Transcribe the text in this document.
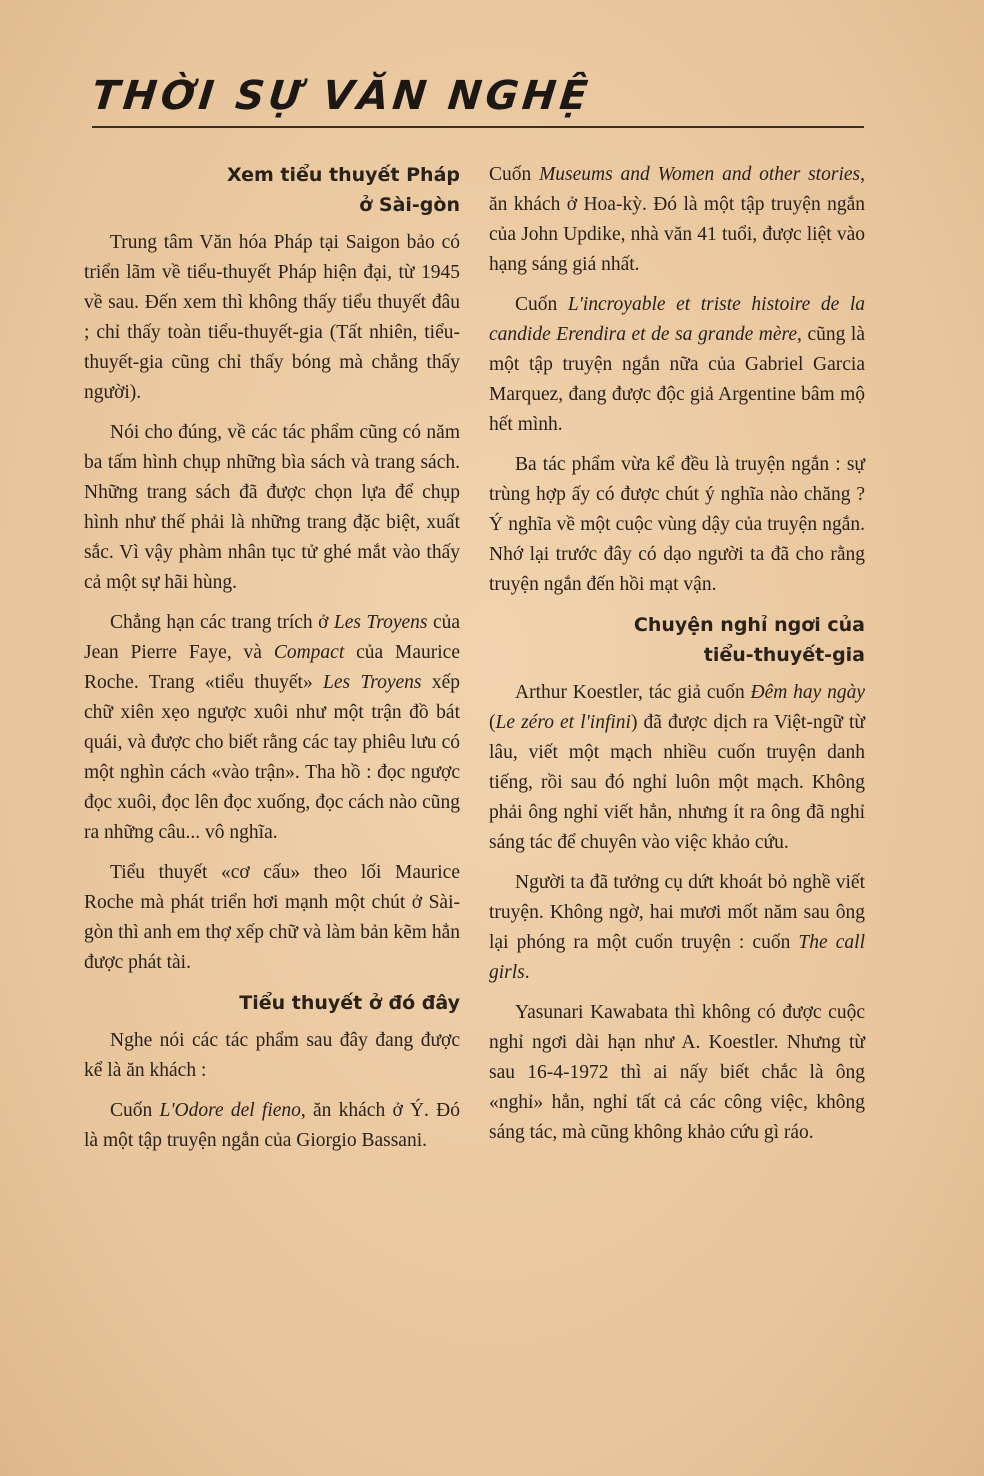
THỜI SỰ VĂN NGHỆ
Xem tiểu thuyết Pháp
ở Sài-gòn

Trung tâm Văn hóa Pháp tại Saigon bảo có triển lãm về tiểu-thuyết Pháp hiện đại, từ 1945 về sau. Đến xem thì không thấy tiểu thuyết đâu ; chỉ thấy toàn tiểu-thuyết-gia (Tất nhiên, tiểu-thuyết-gia cũng chỉ thấy bóng mà chẳng thấy người).

Nói cho đúng, về các tác phẩm cũng có năm ba tấm hình chụp những bìa sách và trang sách. Những trang sách đã được chọn lựa để chụp hình như thế phải là những trang đặc biệt, xuất sắc. Vì vậy phàm nhân tục tử ghé mắt vào thấy cả một sự hãi hùng.

Chẳng hạn các trang trích ở Les Troyens của Jean Pierre Faye, và Compact của Maurice Roche. Trang «tiểu thuyết» Les Troyens xếp chữ xiên xẹo ngược xuôi như một trận đồ bát quái, và được cho biết rằng các tay phiêu lưu có một nghìn cách «vào trận». Tha hồ : đọc ngược đọc xuôi, đọc lên đọc xuống, đọc cách nào cũng ra những câu... vô nghĩa.

Tiểu thuyết «cơ cấu» theo lối Maurice Roche mà phát triển hơi mạnh một chút ở Sài-gòn thì anh em thợ xếp chữ và làm bản kẽm hẳn được phát tài.

Tiểu thuyết ở đó đây

Nghe nói các tác phẩm sau đây đang được kể là ăn khách :

Cuốn L'Odore del fieno, ăn khách ở Ý. Đó là một tập truyện ngắn của Giorgio Bassani.

Cuốn Museums and Women and other stories, ăn khách ở Hoa-kỳ. Đó là một tập truyện ngắn của John Updike, nhà văn 41 tuổi, được liệt vào hạng sáng giá nhất.

Cuốn L'incroyable et triste histoire de la candide Erendira et de sa grande mère, cũng là một tập truyện ngắn nữa của Gabriel Garcia Marquez, đang được độc giả Argentine bâm mộ hết mình.

Ba tác phẩm vừa kể đều là truyện ngắn : sự trùng hợp ấy có được chút ý nghĩa nào chăng ? Ý nghĩa về một cuộc vùng dậy của truyện ngắn. Nhớ lại trước đây có dạo người ta đã cho rằng truyện ngắn đến hồi mạt vận.

Chuyện nghỉ ngơi của
tiểu-thuyết-gia

Arthur Koestler, tác giả cuốn Đêm hay ngày (Le zéro et l'infini) đã được dịch ra Việt-ngữ từ lâu, viết một mạch nhiều cuốn truyện danh tiếng, rồi sau đó nghỉ luôn một mạch. Không phải ông nghỉ viết hẳn, nhưng ít ra ông đã nghỉ sáng tác để chuyên vào việc khảo cứu.

Người ta đã tưởng cụ dứt khoát bỏ nghề viết truyện. Không ngờ, hai mươi mốt năm sau ông lại phóng ra một cuốn truyện : cuốn The call girls.

Yasunari Kawabata thì không có được cuộc nghỉ ngơi dài hạn như A. Koestler. Nhưng từ sau 16-4-1972 thì ai nấy biết chắc là ông «nghỉ» hẳn, nghỉ tất cả các công việc, không sáng tác, mà cũng không khảo cứu gì ráo.
